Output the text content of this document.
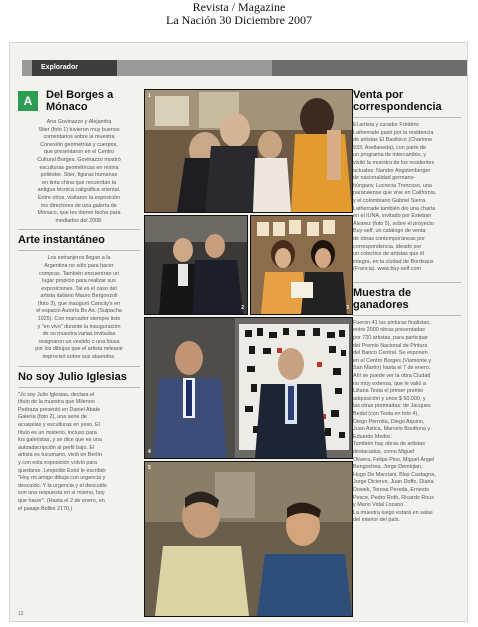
Revista / Magazine
La Nación 30 Diciembre 2007
Explorador
A	Del Borges a Mónaco
Ana Govinazzo y Alejandra
Stier (foto 1) tuvieron muy buenos
comentarios sobre la muestra
Conexión geometrías y cuerpos,
que presentaron en el Centro
Cultural Borges. Govinazzo mostró
esculturas geométricas en resina
poliéster. Stier, figuras humanas
en tinta china que recuerdan la
antigua técnica caligráfica oriental.
Entre otros, visitaron la exposición
los directores de una galería de
Mónaco, que les dieron fecha para
mediados del 2008.
Arte instantáneo
Los extranjeros llegan a la
Argentina no sólo para hacer
compras. También encuentran un
lugar propicio para realizar sus
exposiciones. Tal es el caso del
artista italiano Mauro Bergonzoli
(foto 3), que inauguró Cancity's en
el espacio Autoría Bs As. (Suipacha
1025). Con marcador siempre listo
y "en vivo" durante la inauguración
de su muestra varias invitadas
resignaron un vestido o una blusa
por los dibujos que el artista mileané
improvisó sobre sus atuendos.
No soy Julio Iglesias
"Jo soy Julio Iglesias, declara el
título de la muestra que Milenno
Pedraza presentó en Daniel Abate
Galería (foto 2), una serie de
acuarelas y esculturas en yeso. El
título es un misterio, incluso para
los galeristas, y se dice que es una
autoadscripción al perfil bajo. El
artista es tucumano, vivió en Berlín
y con esta exposición volvió para
quedarse. Leopoldo Estol le escribió:
"Hoy mi amigo dibuja con urgencia y
descuido. Y la urgencia y el descuido
son una respuesta en sí mismo, hoy
que hacer". (Hasta el 2 de enero, en
el pasaje Bollini 2170.)
1
2	3
4
5
Venta por correspondencia
El artista y curador Frédéric
Latherrade pasó por la residencia
de artistas El Basilisco (Charlone
933, Avellaneda), con parte de
un programa de intercambio, y
visitó la muestra de los residentes
actuales: Nandor Angstenberger
de nacionalidad germano-
húngara; Lucrecia Troncoso, una
paranaense que vive en California,
y el colombiano Gabriel Sierra.
Latherrade también dio una charla
en el IUNA, invitado por Esteban
Álvarez (foto 5), sobre el proyecto
Buy-self, un catálogo de venta
de obras contemporáneas por
correspondencia, ideado por
un colectivo de artistas que él
integra, en la ciudad de Bordeaux
(Francia). www.buy-self.com
Muestra de ganadores
Fueron 41 las pinturas finalistas,
entre 2000 obras presentadas
por 720 artistas, para participar
del Premio Nacional de Pintura
del Banco Central. Se exponen
en el Centro Borges (Viamonte y
San Martín) hasta el 7 de enero.
Ahí se puede ver la obra Ciudad
no muy extensa, que le valió a
Liliana Testa el primer premio
adquisición y unos $ 50.000, y
las otras premiadas: de Jacques
Bedel (con Testa en foto 4),
Diego Perrotta, Diego Aquino,
Juan Astica, Marcelo Bouttona y
Eduardo Medici.
También hay obras de artistas
destacados, como Miguel
Olivera, Felipe Pino, Miguel Ángel
Bengochea, Jorge Demirjian,
Hugo De Marziani, Blas Castagna,
Jorge Diciervo, Juan Doffo, Diana
Dowek, Teresa Pereda, Ernesto
Pesce, Pedro Roth, Ricardo Roux
y Mario Vidal Lozano.
La muestra luego estará en salas
del interior del país.
12
